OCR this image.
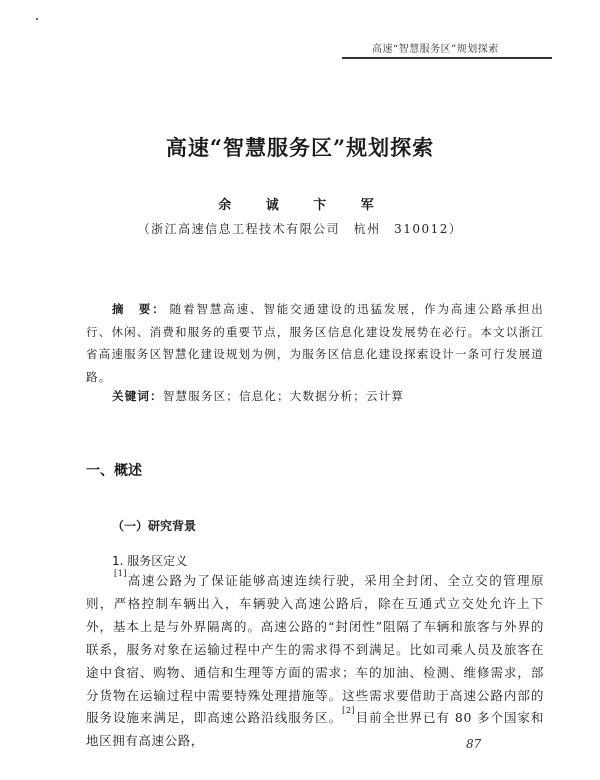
高速“智慧服务区”规划探索
高速“智慧服务区”规划探索
余 诚 卞 军
（浙江高速信息工程技术有限公司　杭州　310012）
摘　要： 随着智慧高速、智能交通建设的迅猛发展，作为高速公路承担出行、休闲、消费和服务的重要节点，服务区信息化建设发展势在必行。本文以浙江省高速服务区智慧化建设规划为例，为服务区信息化建设探索设计一条可行发展道路。
关键词：智慧服务区；信息化；大数据分析；云计算
一、概述
（一）研究背景
1. 服务区定义
[1]高速公路为了保证能够高速连续行驶，采用全封闭、全立交的管理原则，严格控制车辆出入，车辆驶入高速公路后，除在互通式立交处允许上下外，基本上是与外界隔离的。高速公路的“封闭性”阻隔了车辆和旅客与外界的联系，服务对象在运输过程中产生的需求得不到满足。比如司乘人员及旅客在途中食宿、购物、通信和生理等方面的需求；车的加油、检测、维修需求，部分货物在运输过程中需要特殊处理措施等。这些需求要借助于高速公路内部的服务设施来满足，即高速公路沿线服务区。[2]目前全世界已有 80 多个国家和地区拥有高速公路，	87
